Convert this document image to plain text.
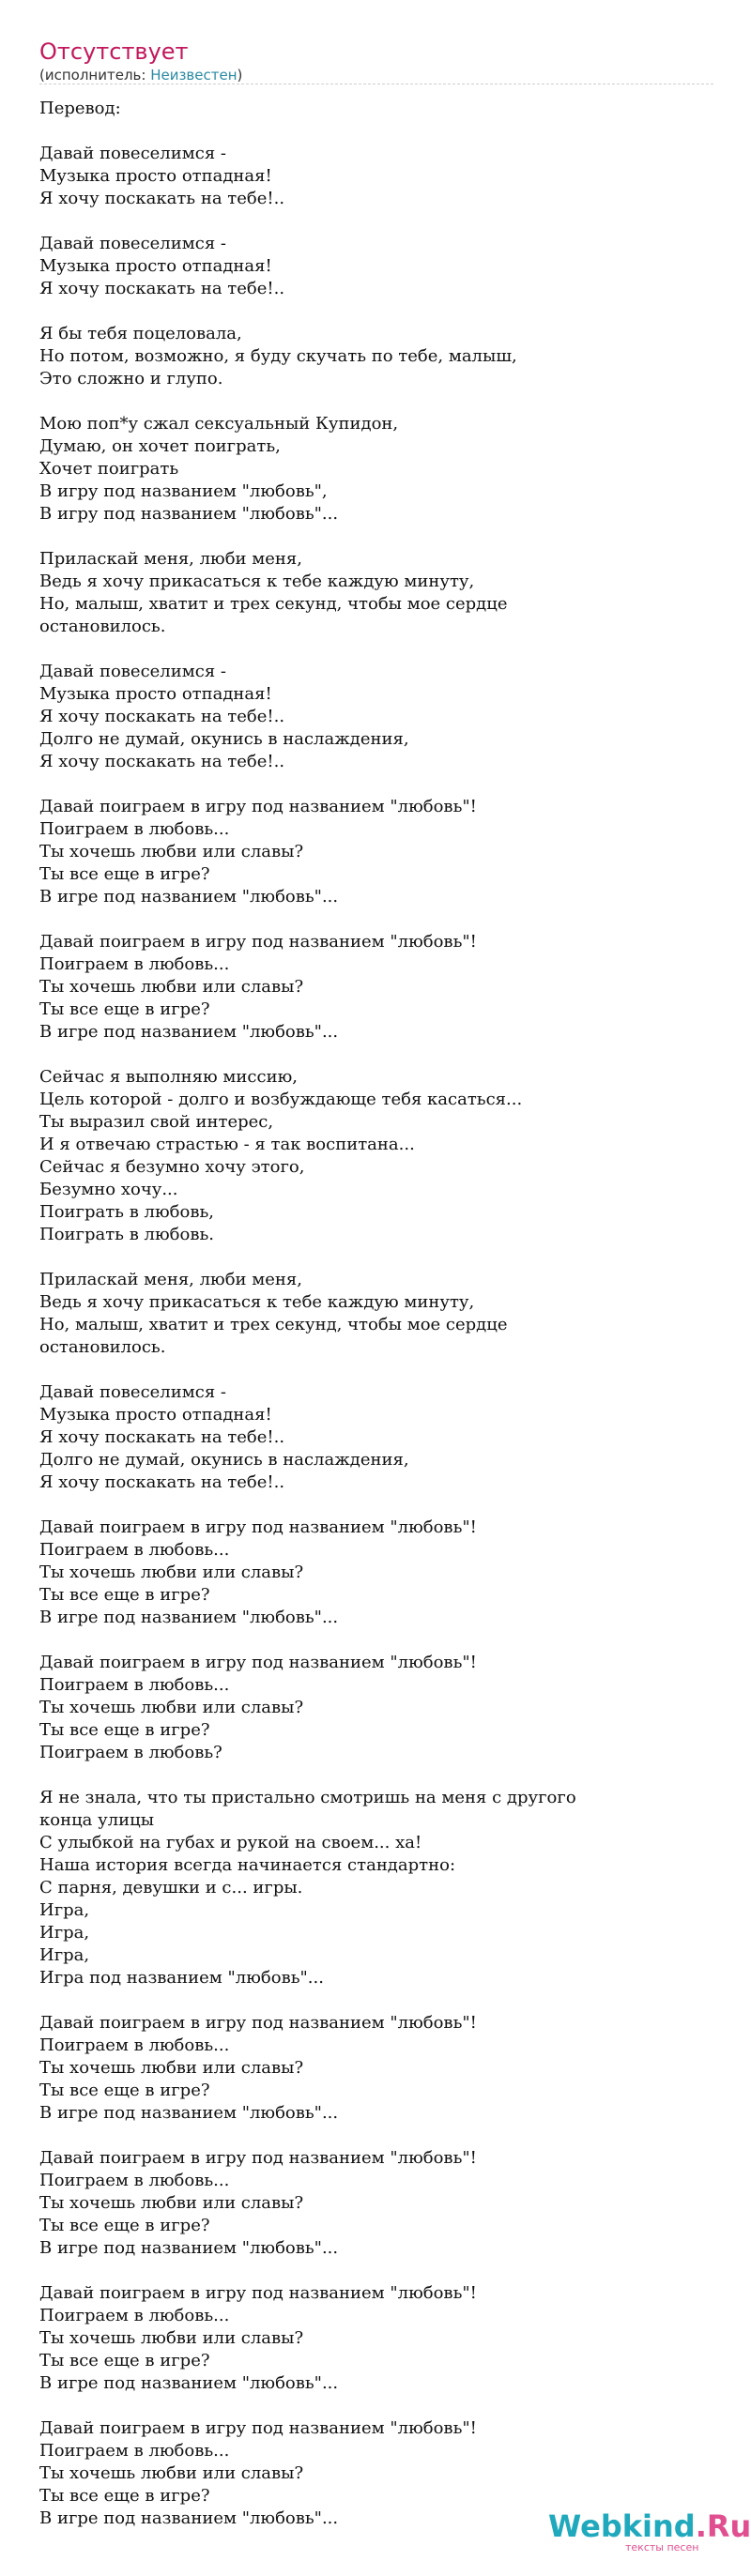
Отсутствует
(исполнитель: Неизвестен)
Перевод:
Давай повеселимся -
Музыка просто отпадная!
Я хочу поскакать на тебе!..
Давай повеселимся -
Музыка просто отпадная!
Я хочу поскакать на тебе!..
Я бы тебя поцеловала,
Но потом, возможно, я буду скучать по тебе, малыш,
Это сложно и глупо.
Мою поп*у сжал сексуальный Купидон,
Думаю, он хочет поиграть,
Хочет поиграть
В игру под названием "любовь",
В игру под названием "любовь"...
Приласкай меня, люби меня,
Ведь я хочу прикасаться к тебе каждую минуту,
Но, малыш, хватит и трех секунд, чтобы мое сердце
остановилось.
Давай повеселимся -
Музыка просто отпадная!
Я хочу поскакать на тебе!..
Долго не думай, окунись в наслаждения,
Я хочу поскакать на тебе!..
Давай поиграем в игру под названием "любовь"!
Поиграем в любовь...
Ты хочешь любви или славы?
Ты все еще в игре?
В игре под названием "любовь"...
Давай поиграем в игру под названием "любовь"!
Поиграем в любовь...
Ты хочешь любви или славы?
Ты все еще в игре?
В игре под названием "любовь"...
Сейчас я выполняю миссию,
Цель которой - долго и возбуждающе тебя касаться...
Ты выразил свой интерес,
И я отвечаю страстью - я так воспитана...
Сейчас я безумно хочу этого,
Безумно хочу...
Поиграть в любовь,
Поиграть в любовь.
Приласкай меня, люби меня,
Ведь я хочу прикасаться к тебе каждую минуту,
Но, малыш, хватит и трех секунд, чтобы мое сердце
остановилось.
Давай повеселимся -
Музыка просто отпадная!
Я хочу поскакать на тебе!..
Долго не думай, окунись в наслаждения,
Я хочу поскакать на тебе!..
Давай поиграем в игру под названием "любовь"!
Поиграем в любовь...
Ты хочешь любви или славы?
Ты все еще в игре?
В игре под названием "любовь"...
Давай поиграем в игру под названием "любовь"!
Поиграем в любовь...
Ты хочешь любви или славы?
Ты все еще в игре?
Поиграем в любовь?
Я не знала, что ты пристально смотришь на меня с другого
конца улицы
С улыбкой на губах и рукой на своем... ха!
Наша история всегда начинается стандартно:
С парня, девушки и с... игры.
Игра,
Игра,
Игра,
Игра под названием "любовь"...
Давай поиграем в игру под названием "любовь"!
Поиграем в любовь...
Ты хочешь любви или славы?
Ты все еще в игре?
В игре под названием "любовь"...
Давай поиграем в игру под названием "любовь"!
Поиграем в любовь...
Ты хочешь любви или славы?
Ты все еще в игре?
В игре под названием "любовь"...
Давай поиграем в игру под названием "любовь"!
Поиграем в любовь...
Ты хочешь любви или славы?
Ты все еще в игре?
В игре под названием "любовь"...
Давай поиграем в игру под названием "любовь"!
Поиграем в любовь...
Ты хочешь любви или славы?
Ты все еще в игре?
В игре под названием "любовь"...	Webkind.Ru
тексты песен
